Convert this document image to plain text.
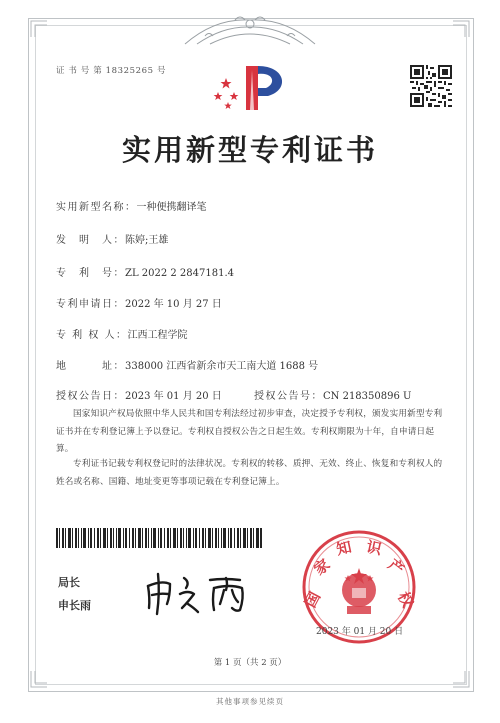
证 书 号 第 18325265 号
实用新型专利证书
实用新型名称：一种便携翻译笔
发　明　人：陈婷;王雄
专　利　号：ZL 2022 2 2847181.4
专利申请日：2022 年 10 月 27 日
专 利 权 人：江西工程学院
地　　　址：338000 江西省新余市天工南大道 1688 号
授权公告日：2023 年 01 月 20 日	授权公告号：CN 218350896 U
国家知识产权局依照中华人民共和国专利法经过初步审查，决定授予专利权，颁发实用新型专利证书并在专利登记簿上予以登记。专利权自授权公告之日起生效。专利权期限为十年，自申请日起算。
专利证书记载专利权登记时的法律状况。专利权的转移、质押、无效、终止、恢复和专利权人的姓名或名称、国籍、地址变更等事项记载在专利登记簿上。
局长
申长雨	国
家
知 识
产
权
2023 年 01 月 20 日
第 1 页（共 2 页）
其他事项参见续页
